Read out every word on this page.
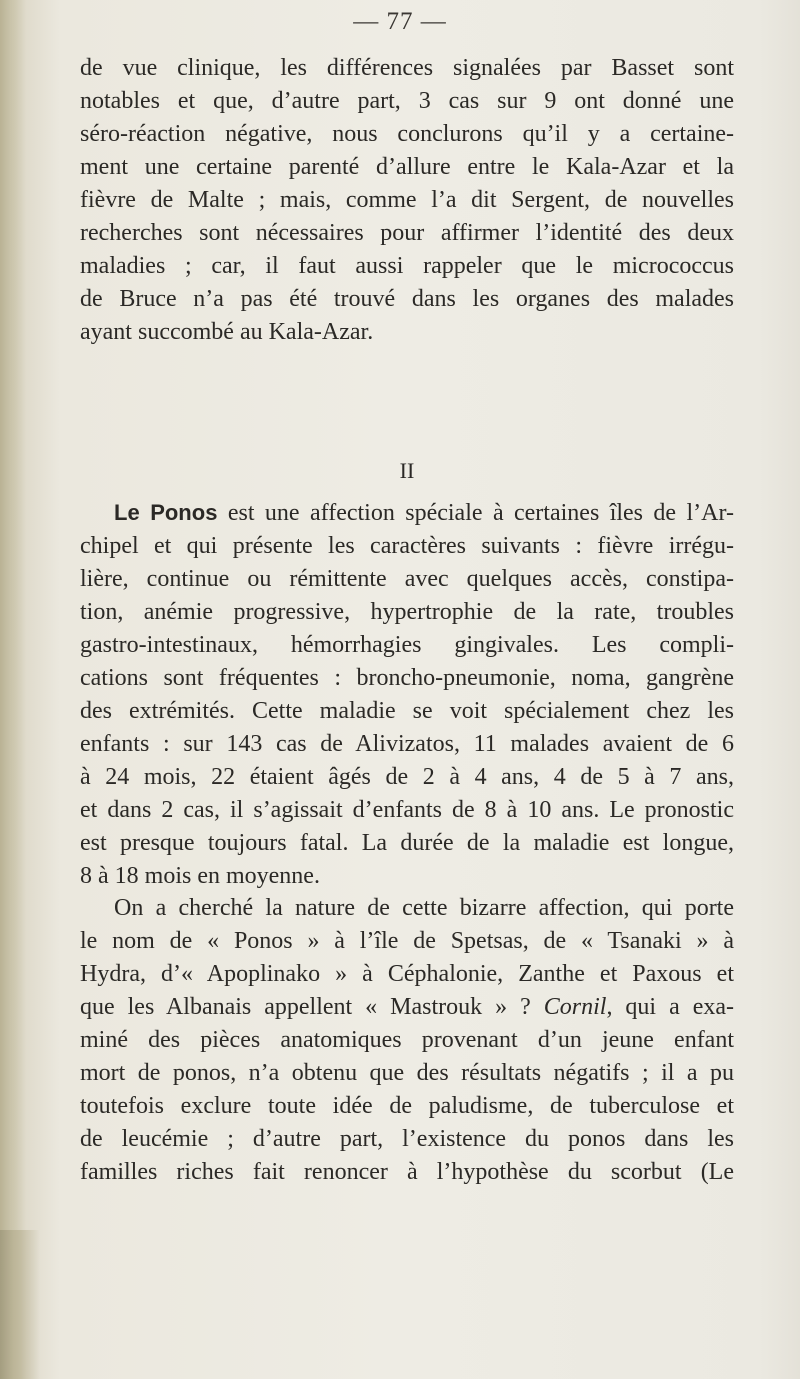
— 77 —

de vue clinique, les différences signalées par Basset sont
notables et que, d’autre part, 3 cas sur 9 ont donné une
séro-réaction négative, nous conclurons qu’il y a certaine-
ment une certaine parenté d’allure entre le Kala-Azar et la
fièvre de Malte ; mais, comme l’a dit Sergent, de nouvelles
recherches sont nécessaires pour affirmer l’identité des deux
maladies ; car, il faut aussi rappeler que le micrococcus
de Bruce n’a pas été trouvé dans les organes des malades
ayant succombé au Kala-Azar.

II

Le Ponos est une affection spéciale à certaines îles de l’Ar-
chipel et qui présente les caractères suivants : fièvre irrégu-
lière, continue ou rémittente avec quelques accès, constipa-
tion, anémie progressive, hypertrophie de la rate, troubles
gastro-intestinaux, hémorrhagies gingivales. Les compli-
cations sont fréquentes : broncho-pneumonie, noma, gangrène
des extrémités. Cette maladie se voit spécialement chez les
enfants : sur 143 cas de Alivizatos, 11 malades avaient de 6
à 24 mois, 22 étaient âgés de 2 à 4 ans, 4 de 5 à 7 ans,
et dans 2 cas, il s’agissait d’enfants de 8 à 10 ans. Le pronostic
est presque toujours fatal. La durée de la maladie est longue,
8 à 18 mois en moyenne.

On a cherché la nature de cette bizarre affection, qui porte
le nom de « Ponos » à l’île de Spetsas, de « Tsanaki » à
Hydra, d’« Apoplinako » à Céphalonie, Zanthe et Paxous et
que les Albanais appellent « Mastrouk » ? Cornil, qui a exa-
miné des pièces anatomiques provenant d’un jeune enfant
mort de ponos, n’a obtenu que des résultats négatifs ; il a pu
toutefois exclure toute idée de paludisme, de tuberculose et
de leucémie ; d’autre part, l’existence du ponos dans les
familles riches fait renoncer à l’hypothèse du scorbut (Le
